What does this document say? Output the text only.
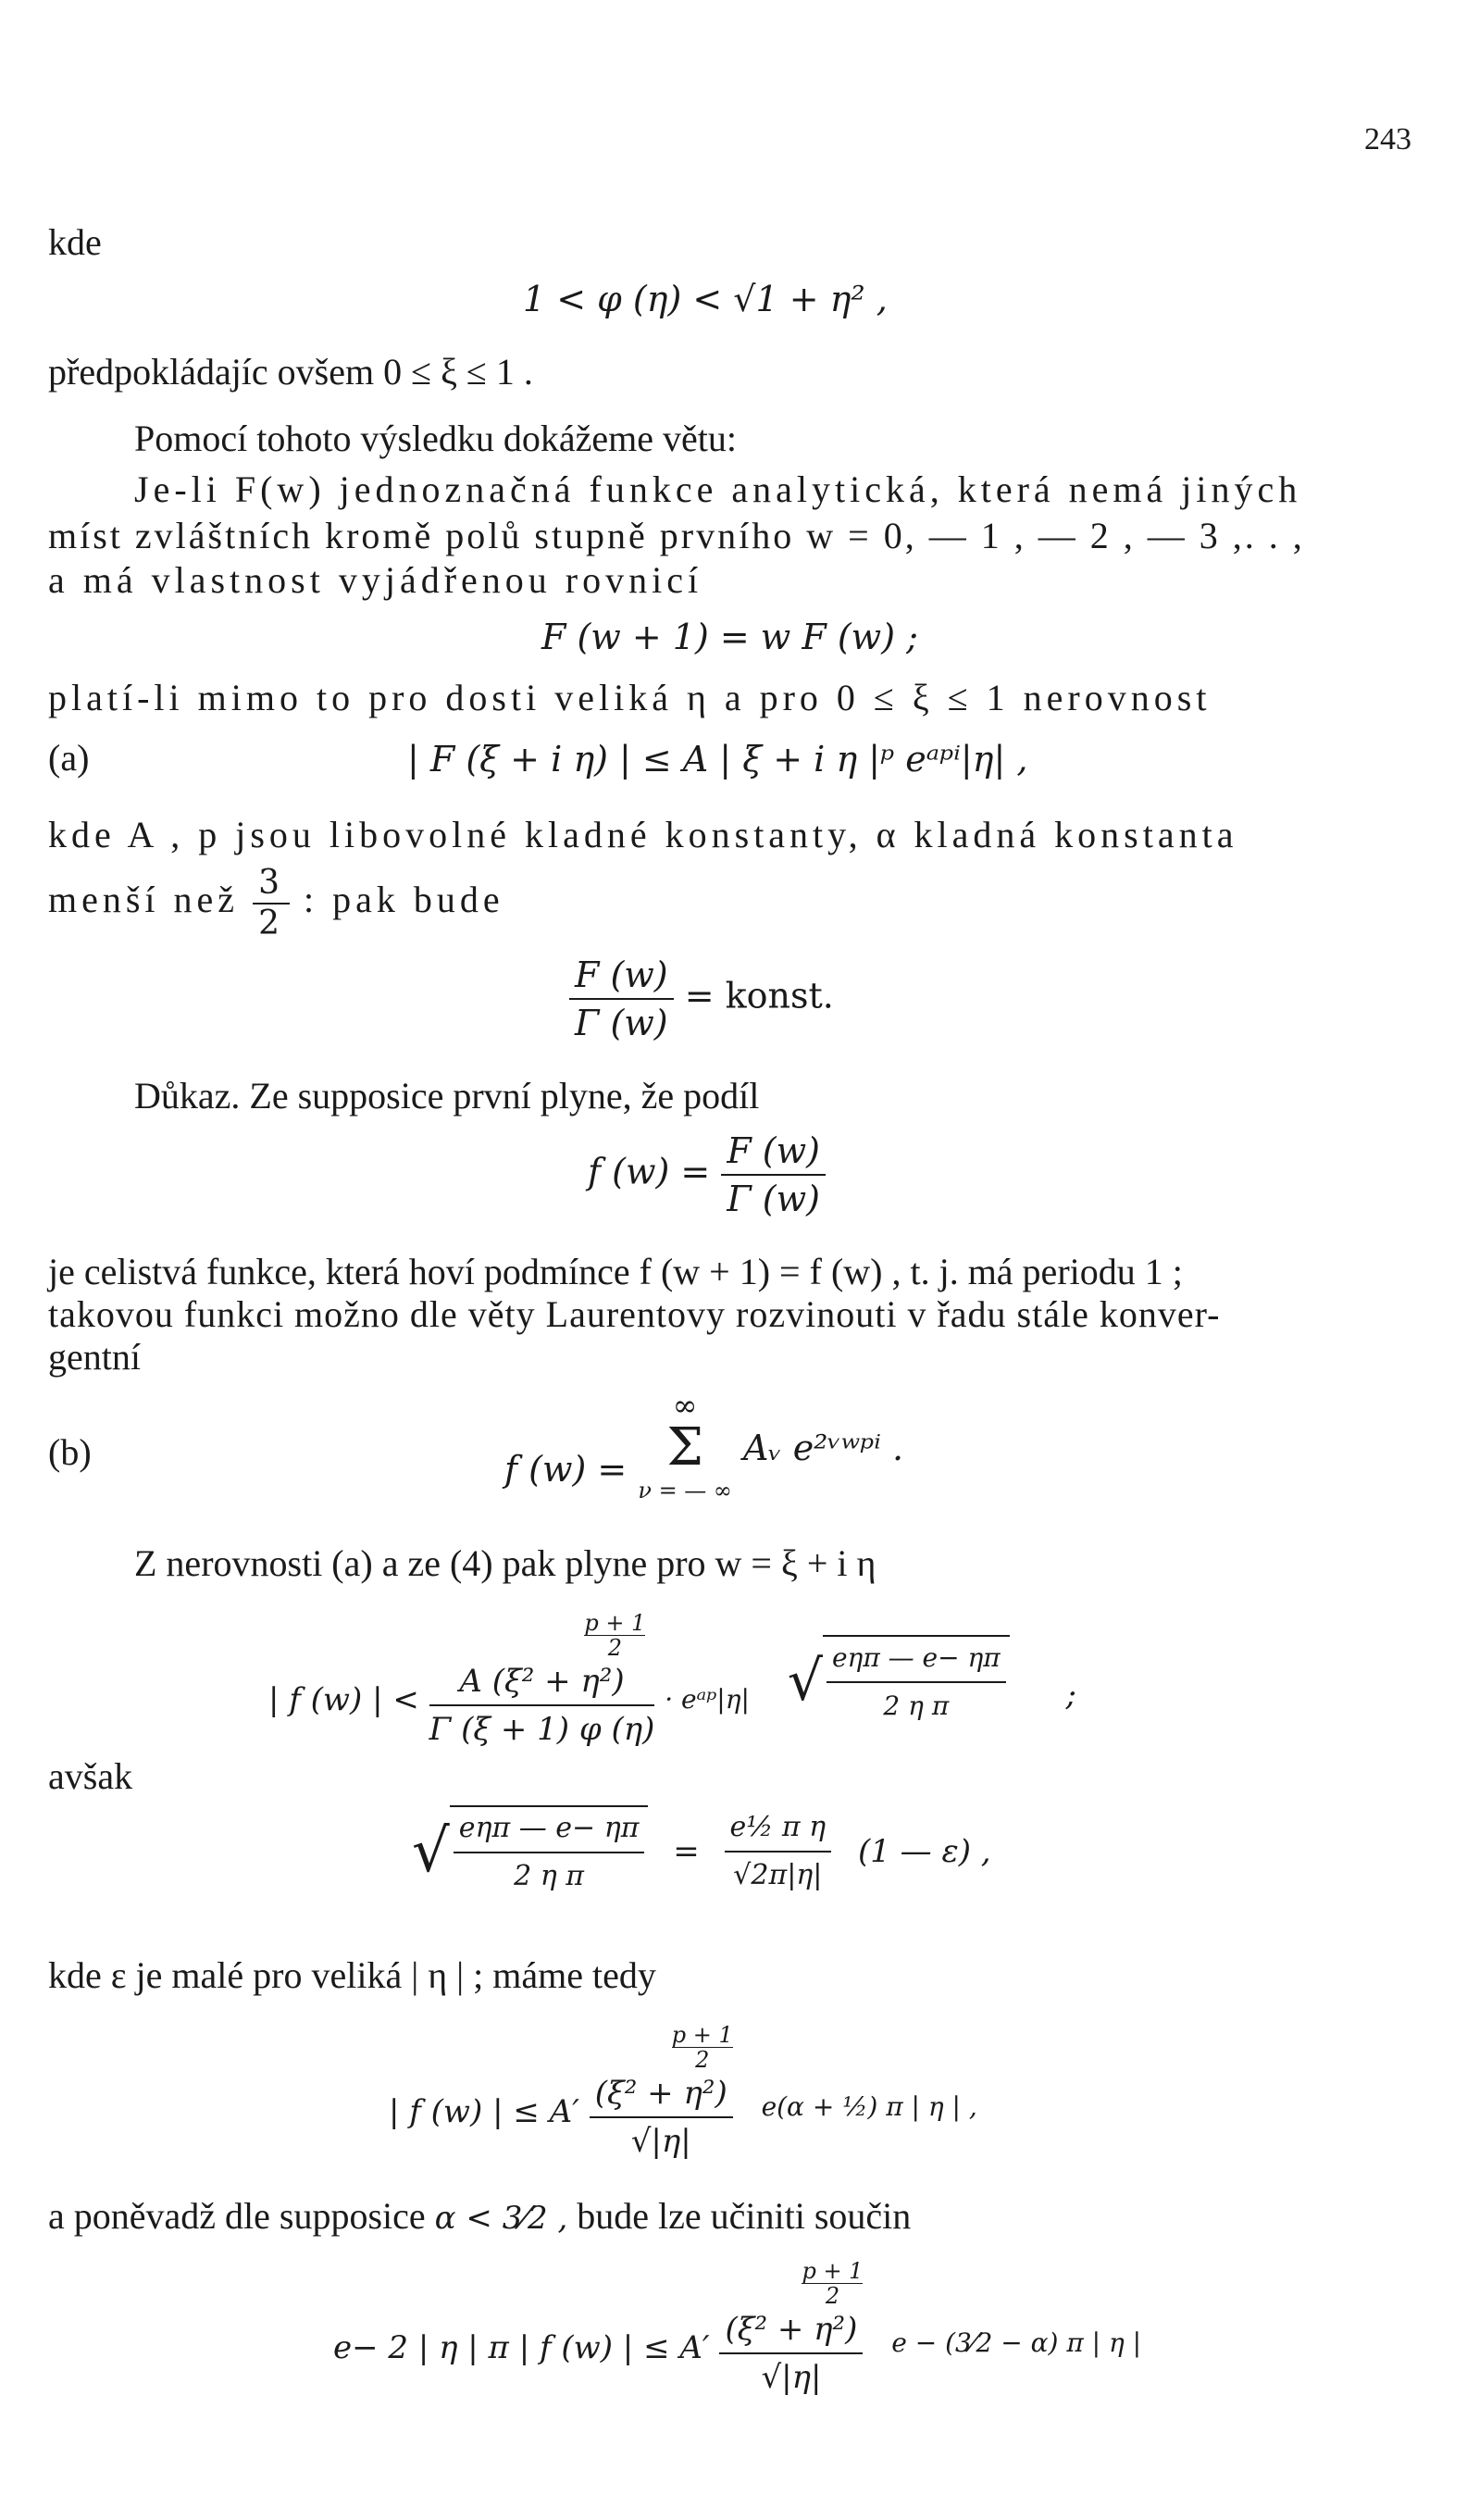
243
kde
1 < φ (η) < √1 + η² ,
předpokládajíc ovšem 0 ≤ ξ ≤ 1 .
Pomocí tohoto výsledku dokážeme větu:
Je-li F(w) jednoznačná funkce analytická, která nemá jiných
míst zvláštních kromě polů stupně prvního w = 0, — 1 , — 2 , — 3 ,. . ,
a má vlastnost vyjádřenou rovnicí
F (w + 1) = w F (w) ;
platí-li mimo to pro dosti veliká η a pro 0 ≤ ξ ≤ 1 nerovnost
(a)	| F (ξ + i η) | ≤ A | ξ + i η |ᵖ eᵃᵖⁱ|η| ,
kde A , p jsou libovolné kladné konstanty, α kladná konstanta
menší než $\frac{3}{2}$ : pak bude
$\frac{F (w)}{\Gamma (w)}$ = konst.
Důkaz. Ze supposice první plyne, že podíl
f $(w) = \frac{F (w)}{\Gamma (w)}$
je celistvá funkce, která hoví podmínce f (w + 1) = f (w) , t. j. má periodu 1 ;
takovou funkci možno dle věty Laurentovy rozvinouti v řadu stále konver-
gentní
(b)	f (w) =
∞
Σ
ν = — ∞
Aᵥ e²ᵛʷᵖⁱ .
Z nerovnosti (a) a ze (4) pak plyne pro w = ξ + i η
| f (w) | <
$\frac{p + 1}{2}$
$\frac{\text{A (ξ² + η²)}}{\Gamma (\xi + 1) \varphi (\eta)}$ · eᵃᵖ|η| √ $\frac{\text{eηπ — e− ηπ}}{\text{2 η π}}$ ;
avšak
√ $\frac{\text{eηπ — e− ηπ}}{\text{2 η π}} = \frac{\text{e½ π η}}{√2\pi|\eta|} (1$ — ε) ,
kde ε je malé pro veliká | η | ; máme tedy
| f (w) | ≤ A′
$\frac{p + 1}{2}$
$\frac{\text{(ξ² + η²)}}{√|\eta|} e(\alpha$ + ½) π | η | ,
a poněvadž dle supposice α < 3⁄2 , bude lze učiniti součin
e− 2 | η | π | f (w) | ≤ A′
$\frac{p + 1}{2}$
$\frac{\text{(ξ² + η²)}}{√|\eta|}$ e − (3⁄2 − α) π | η |
